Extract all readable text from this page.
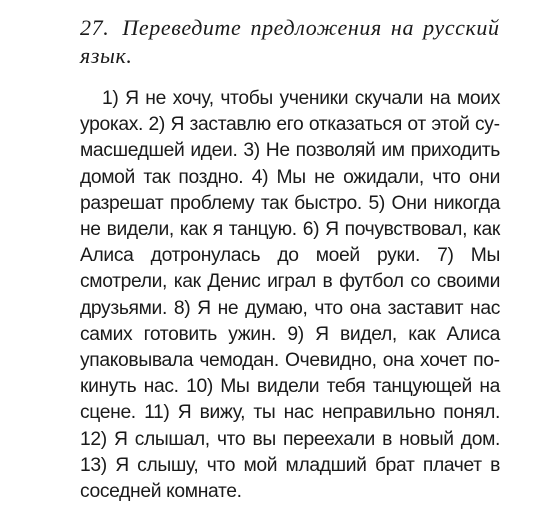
27. Переведите предложения на русский
язык.

1) Я не хочу, чтобы ученики скучали на моих уроках. 2) Я заставлю его отказаться от этой сумасшедшей идеи. 3) Не позволяй им приходить домой так поздно. 4) Мы не ожидали, что они разрешат проблему так быстро. 5) Они никогда не видели, как я танцую. 6) Я почувствовал, как Алиса дотронулась до моей руки. 7) Мы смотрели, как Денис играл в футбол со своими друзьями. 8) Я не думаю, что она заставит нас самих готовить ужин. 9) Я видел, как Алиса упаковывала чемодан. Очевидно, она хочет покинуть нас. 10) Мы видели тебя танцующей на сцене. 11) Я вижу, ты нас неправильно понял. 12) Я слышал, что вы переехали в новый дом. 13) Я слышу, что мой младший брат плачет в соседней комнате.
